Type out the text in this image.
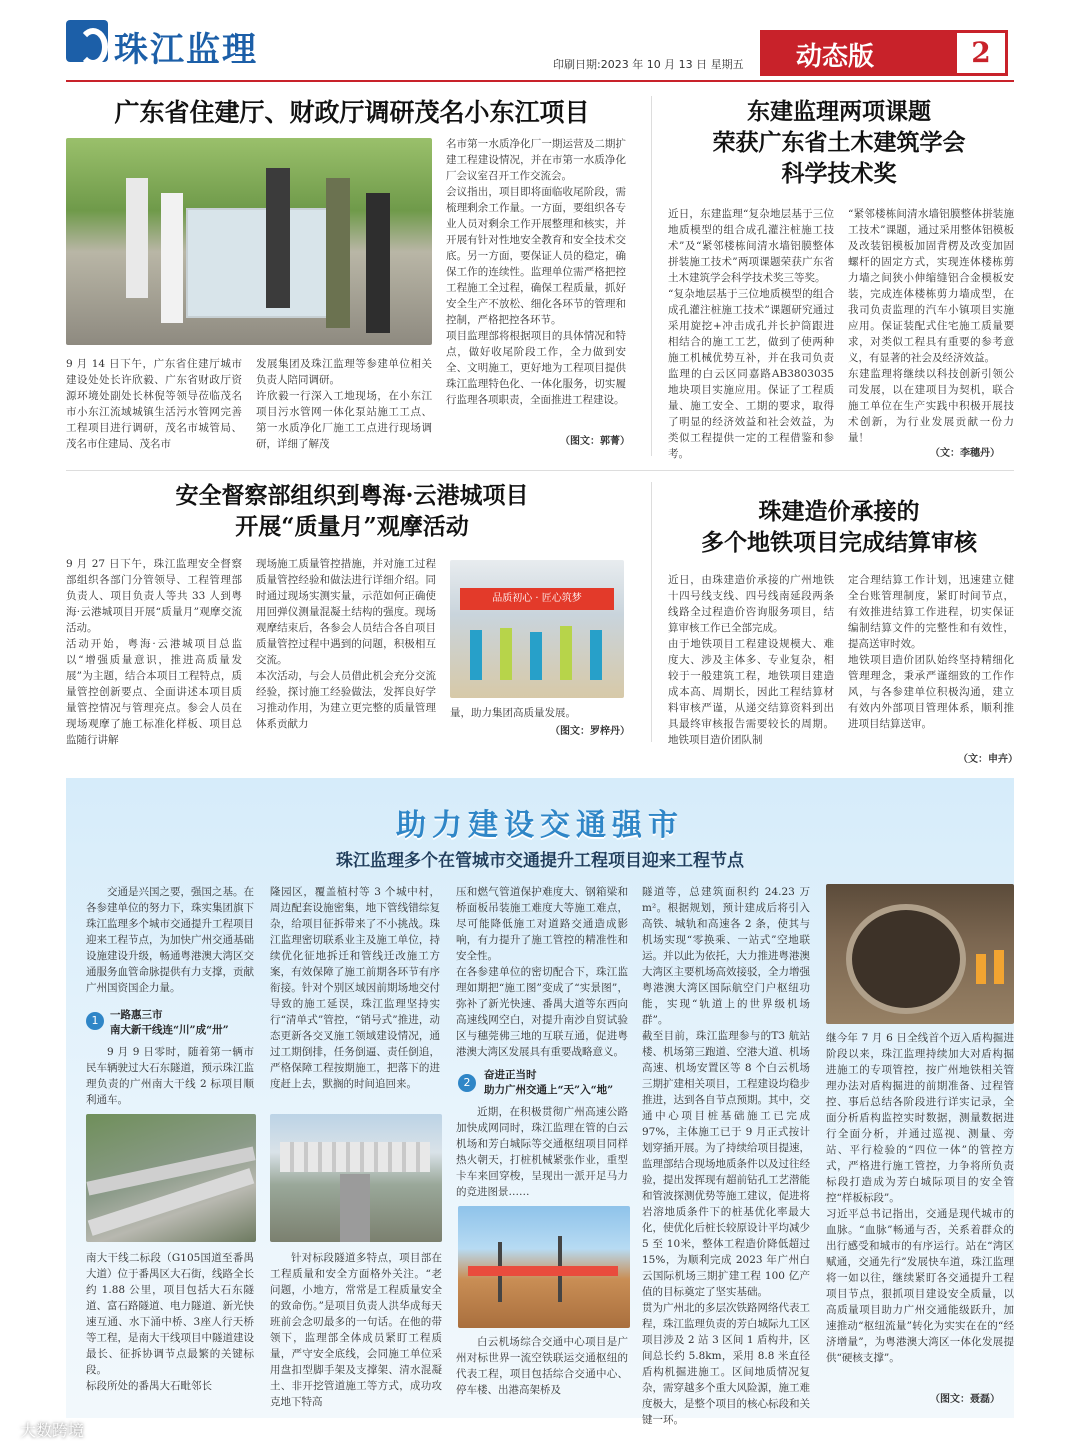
珠江监理	印刷日期:2023 年 10 月 13 日 星期五 动态版	2
广东省住建厅、财政厅调研茂名小东江项目
9 月 14 日下午，广东省住建厅城市建设处处长许欣毅、广东省财政厅资源环境处副处长林倪等领导莅临茂名市小东江流域城镇生活污水管网完善工程项目进行调研，茂名市城管局、茂名市住建局、茂名市

发展集团及珠江监理等参建单位相关负责人陪同调研。
许欣毅一行深入工地现场，在小东江项目污水管网一体化泵站施工工点、第一水质净化厂施工工点进行现场调研，详细了解茂

名市第一水质净化厂一期运营及二期扩建工程建设情况，并在市第一水质净化厂会议室召开工作交流会。
会议指出，项目即将面临收尾阶段，需梳理剩余工作量。一方面，要组织各专业人员对剩余工作开展整理和核实，并开展有针对性地安全教育和安全技术交底。另一方面，要保证人员的稳定，确保工作的连续性。监理单位需严格把控工程施工全过程，确保工程质量，抓好安全生产不放松、细化各环节的管理和控制，严格把控各环节。
项目监理部将根据项目的具体情况和特点，做好收尾阶段工作，全力做到安全、文明施工，更好地为工程项目提供珠江监理特色化、一体化服务，切实履行监理各项职责，全面推进工程建设。
（图文：郭菁）
东建监理两项课题
荣获广东省土木建筑学会
科学技术奖
近日，东建监理“复杂地层基于三位地质模型的组合成孔灌注桩施工技术”及“紧邻楼栋间清水墙铝膜整体拼装施工技术”两项课题荣获广东省土木建筑学会科学技术奖三等奖。
“复杂地层基于三位地质模型的组合成孔灌注桩施工技术”课题研究通过采用旋挖+冲击成孔并长护筒跟进相结合的施工工艺，做到了使两种施工机械优势互补，并在我司负责监理的白云区同嘉路AB3803035地块项目实施应用。保证了工程质量、施工安全、工期的要求，取得了明显的经济效益和社会效益，为类似工程提供一定的工程借鉴和参考。
“紧邻楼栋间清水墙铝膜整体拼装施工技术”课题，通过采用整体铝模板及改装铝模板加固背楞及改变加固螺杆的固定方式，实现连体楼栋剪力墙之间狭小伸缩缝铝合金模板安装，完成连体楼栋剪力墙成型，在我司负责监理的汽车小镇项目实施应用。保证装配式住宅施工质量要求，对类似工程具有重要的参考意义，有显著的社会及经济效益。
东建监理将继续以科技创新引领公司发展，以在建项目为契机，联合施工单位在生产实践中积极开展技术创新，为行业发展贡献一份力量！
（文：李穗丹）
安全督察部组织到粤海·云港城项目
开展“质量月”观摩活动
9 月 27 日下午，珠江监理安全督察部组织各部门分管领导、工程管理部负责人、项目负责人等共 33 人到粤海·云港城项目开展“质量月”观摩交流活动。
活动开始，粤海·云港城项目总监以“增强质量意识，推进高质量发展”为主题，结合本项目工程特点，质量管控创新要点、全面讲述本项目质量管控情况与管理亮点。参会人员在现场观摩了施工标准化样板、项目总监随行讲解
现场施工质量管控措施，并对施工过程质量管控经验和做法进行详细介绍。同时通过现场实测实量，示范如何正确使用回弹仪测量混凝土结构的强度。现场观摩结束后，各参会人员结合各自项目质量管控过程中遇到的问题，积极相互交流。
本次活动，与会人员借此机会充分交流经验，探讨施工经验做法，发挥良好学习推动作用，为建立更完整的质量管理体系贡献力
品质初心 · 匠心筑梦
量，助力集团高质量发展。
（图文：罗梓丹）
珠建造价承接的
多个地铁项目完成结算审核
近日，由珠建造价承接的广州地铁十四号线支线、四号线南延段两条线路全过程造价咨询服务项目，结算审核工作已全部完成。
由于地铁项目工程建设规模大、难度大、涉及主体多、专业复杂，相较于一般建筑工程，地铁项目建造成本高、周期长，因此工程结算材料审核严谨，从递交结算资料到出具最终审核报告需要较长的周期。地铁项目造价团队制
定合理结算工作计划，迅速建立健全台账管理制度，紧盯时间节点，有效推进结算工作进程，切实保证编制结算文件的完整性和有效性，提高送审时效。
地铁项目造价团队始终坚持精细化管理理念，秉承严谨细致的工作作风，与各参建单位积极沟通，建立有效内外部项目管理体系，顺利推进项目结算送审。
（文：申卉）
助力建设交通强市
珠江监理多个在管城市交通提升工程项目迎来工程节点

交通是兴国之要，强国之基。在各参建单位的努力下，珠实集团旗下珠江监理多个城市交通提升工程项目迎来工程节点，为加快广州交通基础设施建设升级，畅通粤港澳大湾区交通服务血管命脉提供有力支撑，贡献广州国资国企力量。

1	一路惠三市
南大新干线连“川”成“卅”

9 月 9 日零时，随着第一辆市民车辆驶过大石东隧道，预示珠江监理负责的广州南大干线 2 标项目顺利通车。

南大干线二标段（G105国道至番禺大道）位于番禺区大石街，线路全长约 1.88 公里，项目包括大石东隧道、富石路隧道、电力隧道、新光快速互通、水下涌中桥、3座人行天桥等工程，是南大干线项目中隧道建设最长、征拆协调节点最繁的关键标段。
标段所处的番禺大石毗邻长

隆园区，覆盖植村等 3 个城中村，周边配套设施密集，地下管线错综复杂，给项目征拆带来了不小挑战。珠江监理密切联系业主及施工单位，持续优化征地拆迁和管线迁改施工方案，有效保障了施工前期各环节有序衔接。针对个别区域因前期场地交付导致的施工延误，珠江监理坚持实行“清单式”管控，“销号式”推进，动态更新各交叉施工领域建设情况，通过工期倒排，任务倒逼、责任倒追，严格保障工程按期施工，把落下的进度赶上去，默搁的时间追回来。

针对标段隧道多特点，项目部在工程质量和安全方面格外关注。“老问题，小地方，常常是工程质量安全的致命伤。”是项目负责人洪华成每天班前会念叨最多的一句话。在他的带领下，监理部全体成员紧盯工程质量，严守安全底线，会同施工单位采用盘扣型脚手架及支撑架、清水混凝土、非开挖管道施工等方式，成功攻克地下特高

压和燃气管道保护难度大、钢箱梁和桥面板吊装施工难度大等施工难点，尽可能降低施工对道路交通造成影响，有力提升了施工管控的精准性和安全性。
在各参建单位的密切配合下，珠江监理如期把“施工图”变成了“实景图”，弥补了新光快速、番禺大道等东西向高速线网空白，对提升南沙自贸试验区与穗莞佛三地的互联互通，促进粤港澳大湾区发展具有重要战略意义。
2
奋进正当时
助力广州交通上“天”入“地”

近期，在积极贯彻广州高速公路加快成网同时，珠江监理在管的白云机场和芳白城际等交通枢纽项目同样热火朝天，打桩机械紧张作业，重型卡车来回穿梭，呈现出一派开足马力的竞进图景……

白云机场综合交通中心项目是广州对标世界一流空铁联运交通枢纽的代表工程，项目包括综合交通中心、停车楼、出港高架桥及

隧道等，总建筑面积约 24.23 万 m²。根据规划，预计建成后将引入高铁、城轨和高速各 2 条，使其与机场实现“零换乘、一站式”空地联运。并以此为依托，大力推进粤港澳大湾区主要机场高效接驳，全力增强粤港澳大湾区国际航空门户枢纽功能，实现“轨道上的世界级机场群”。
截至目前，珠江监理参与的T3 航站楼、机场第三跑道、空港大道、机场高速、机场安置区等 8 个白云机场三期扩建相关项目，工程建设均稳步推进，达到各自节点预期。其中，交通中心项目桩基础施工已完成 97%，主体施工已于 9 月正式按计划穿插开展。为了持续给项目提速，监理部结合现场地质条件以及过往经验，提出发挥现有超前钻孔工艺潜能和管波探测优势等施工建议，促进将岩溶地质条件下的桩基优化率最大化，使优化后桩长较原设计平均减少 5 至 10米，整体工程造价降低超过 15%，为顺利完成 2023 年广州白云国际机场三期扩建工程 100 亿产值的目标奠定了坚实基础。
贯为广州北的多层次铁路网络代表工程，珠江监理负责的芳白城际九工区项目涉及 2 站 3 区间 1 盾构井，区间总长约 5.8km，采用 8.8 米直径盾构机掘进施工。区间地质情况复杂，需穿越多个重大风险源，施工难度极大，是整个项目的核心标段和关键一环。
继今年 7 月 6 日全线首个迈入盾构掘进阶段以来，珠江监理持续加大对盾构掘进施工的专项管控，按广州地铁相关管理办法对盾构掘进的前期准备、过程管控、事后总结各阶段进行详实记录，全面分析盾构监控实时数据，测量数据进行全面分析，并通过巡视、测量、旁站、平行检验的“四位一体”的管控方式，严格进行施工管控，力争将所负责标段打造成为芳白城际项目的安全管控“样板标段”。
习近平总书记指出，交通是现代城市的血脉。“血脉”畅通与否，关系着群众的出行感受和城市的有序运行。站在“湾区赋通，交通先行”发展快车道，珠江监理将一如以往，继续紧盯各交通提升工程项目节点，狠抓项目建设安全质量，以高质量项目助力广州交通能级跃升，加速推动“枢纽流量”转化为实实在在的“经济增量”，为粤港澳大湾区一体化发展提供“硬核支撑”。
（图文：聂磊）
大数跨境
